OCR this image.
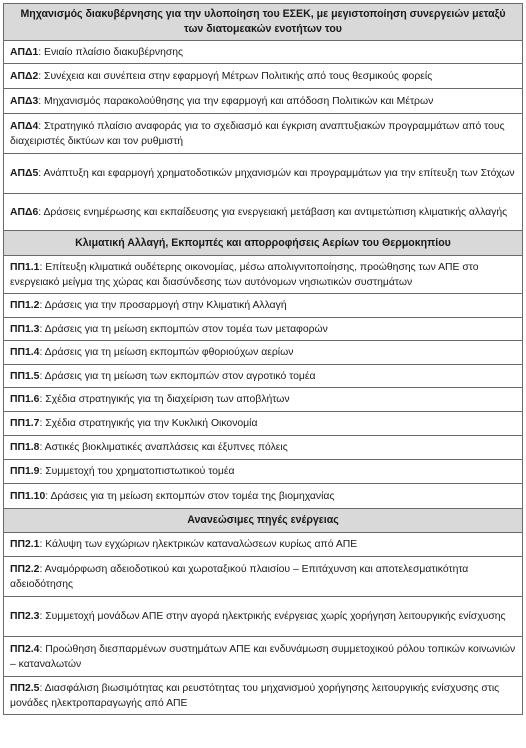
Μηχανισμός διακυβέρνησης για την υλοποίηση του ΕΣΕΚ, με μεγιστοποίηση συνεργειών μεταξύ των διατομεακών ενοτήτων του
ΑΠΔ1: Ενιαίο πλαίσιο διακυβέρνησης
ΑΠΔ2: Συνέχεια και συνέπεια στην εφαρμογή Μέτρων Πολιτικής από τους θεσμικούς φορείς
ΑΠΔ3: Μηχανισμός παρακολούθησης για την εφαρμογή και απόδοση Πολιτικών και Μέτρων
ΑΠΔ4: Στρατηγικό πλαίσιο αναφοράς για το σχεδιασμό και έγκριση αναπτυξιακών προγραμμάτων από τους διαχειριστές δικτύων και τον ρυθμιστή
ΑΠΔ5: Ανάπτυξη και εφαρμογή χρηματοδοτικών μηχανισμών και προγραμμάτων για την επίτευξη των Στόχων
ΑΠΔ6: Δράσεις ενημέρωσης και εκπαίδευσης για ενεργειακή μετάβαση και αντιμετώπιση κλιματικής αλλαγής
Κλιματική Αλλαγή, Εκπομπές και απορροφήσεις Αερίων του Θερμοκηπίου
ΠΠ1.1: Επίτευξη κλιματικά ουδέτερης οικονομίας, μέσω απολιγνιτοποίησης, προώθησης των ΑΠΕ στο ενεργειακό μείγμα της χώρας και διασύνδεσης των αυτόνομων νησιωτικών συστημάτων
ΠΠ1.2: Δράσεις για την προσαρμογή στην Κλιματική Αλλαγή
ΠΠ1.3: Δράσεις για τη μείωση εκπομπών στον τομέα των μεταφορών
ΠΠ1.4: Δράσεις για τη μείωση εκπομπών φθοριούχων αερίων
ΠΠ1.5: Δράσεις για τη μείωση των εκπομπών στον αγροτικό τομέα
ΠΠ1.6: Σχέδια στρατηγικής για τη διαχείριση των αποβλήτων
ΠΠ1.7: Σχέδια στρατηγικής για την Κυκλική Οικονομία
ΠΠ1.8: Αστικές βιοκλιματικές αναπλάσεις και έξυπνες πόλεις
ΠΠ1.9: Συμμετοχή του χρηματοπιστωτικού τομέα
ΠΠ1.10: Δράσεις για τη μείωση εκπομπών στον τομέα της βιομηχανίας
Ανανεώσιμες πηγές ενέργειας
ΠΠ2.1: Κάλυψη των εγχώριων ηλεκτρικών καταναλώσεων κυρίως από ΑΠΕ
ΠΠ2.2: Αναμόρφωση αδειοδοτικού και χωροταξικού πλαισίου – Επιτάχυνση και αποτελεσματικότητα αδειοδότησης
ΠΠ2.3: Συμμετοχή μονάδων ΑΠΕ στην αγορά ηλεκτρικής ενέργειας χωρίς χορήγηση λειτουργικής ενίσχυσης
ΠΠ2.4: Προώθηση διεσπαρμένων συστημάτων ΑΠΕ και ενδυνάμωση συμμετοχικού ρόλου τοπικών κοινωνιών – καταναλωτών
ΠΠ2.5: Διασφάλιση βιωσιμότητας και ρευστότητας του μηχανισμού χορήγησης λειτουργικής ενίσχυσης στις μονάδες ηλεκτροπαραγωγής από ΑΠΕ
